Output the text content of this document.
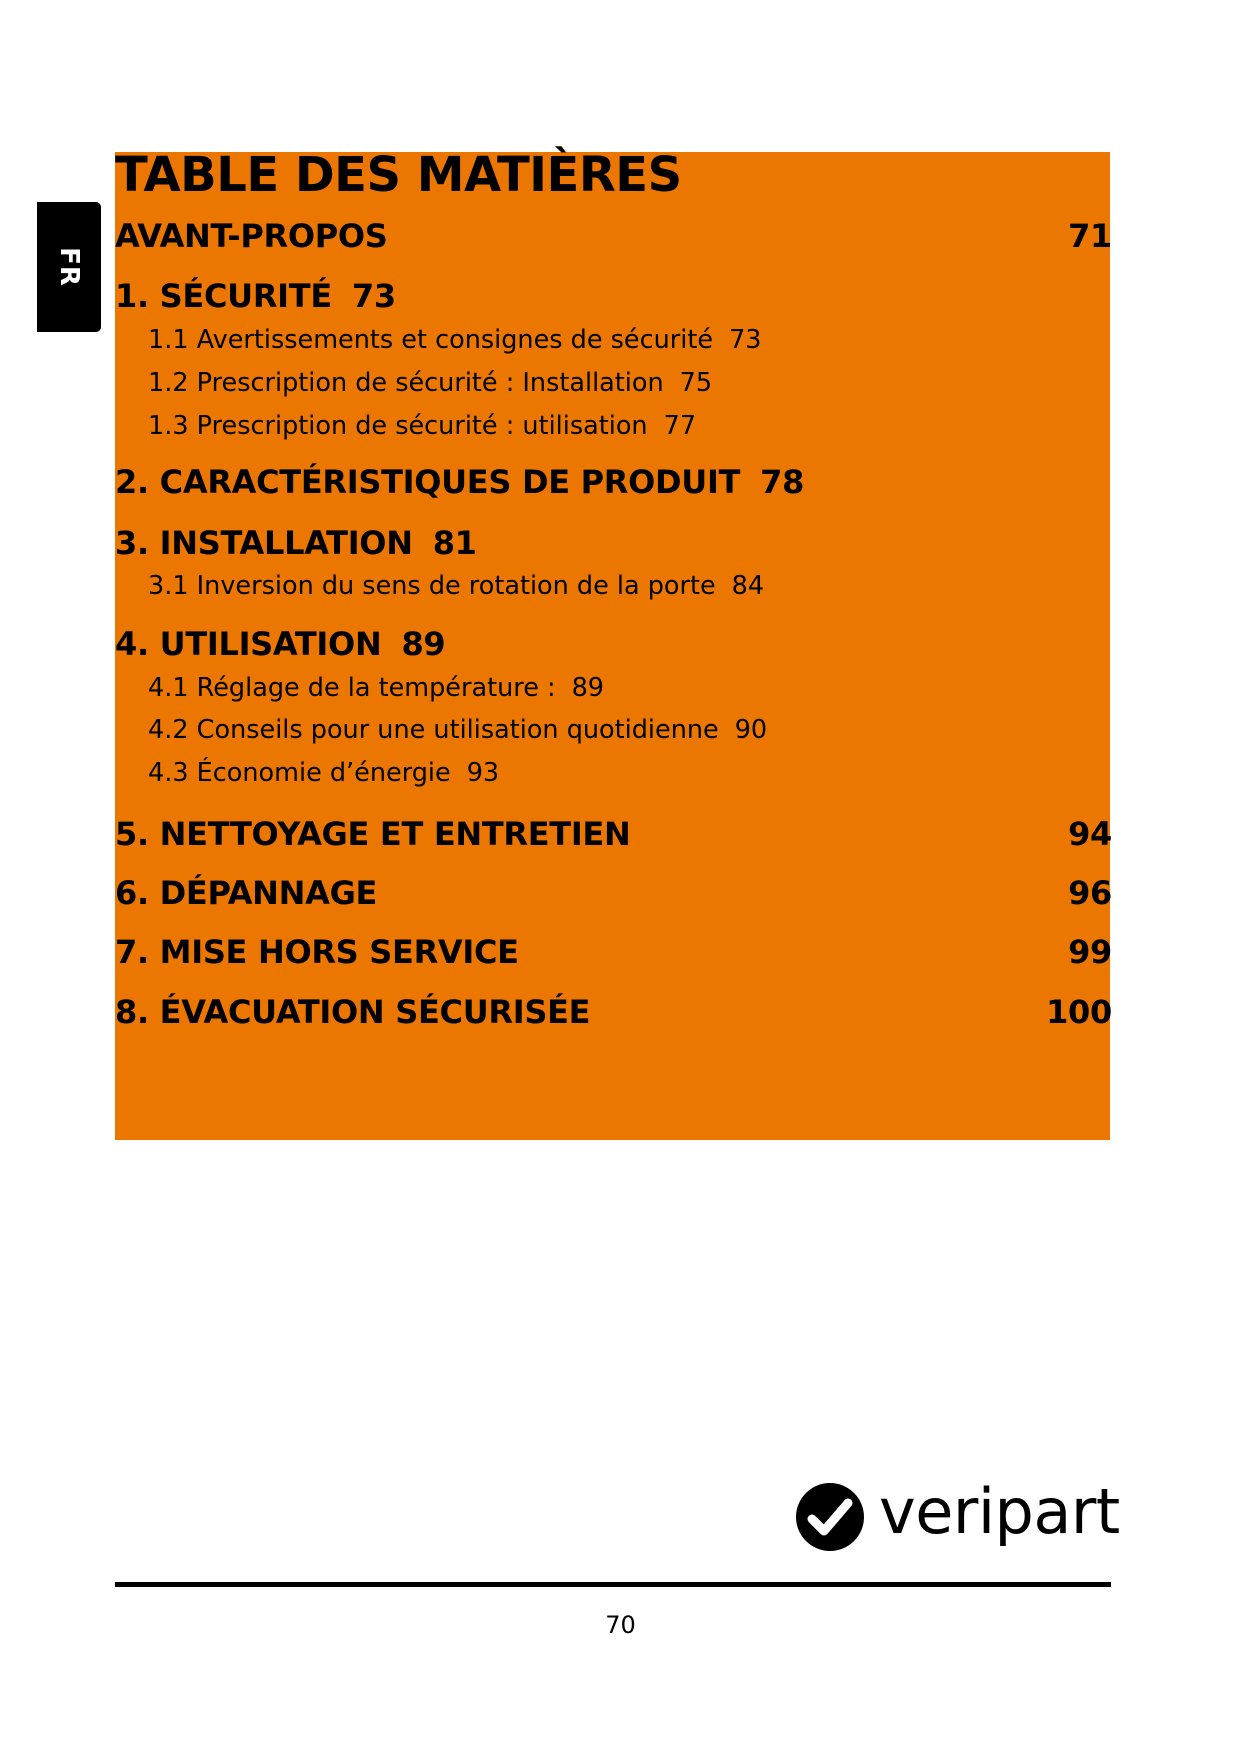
FR
TABLE DES MATIÈRES
AVANT-PROPOS	71
1. SÉCURITÉ 73
1.1 Avertissements et consignes de sécurité 73
1.2 Prescription de sécurité : Installation 75
1.3 Prescription de sécurité : utilisation 77
2. CARACTÉRISTIQUES DE PRODUIT 78
3. INSTALLATION 81
3.1 Inversion du sens de rotation de la porte 84
4. UTILISATION 89
4.1 Réglage de la température : 89
4.2 Conseils pour une utilisation quotidienne 90
4.3 Économie d’énergie 93
5. NETTOYAGE ET ENTRETIEN	94
6. DÉPANNAGE	96
7. MISE HORS SERVICE	99
8. ÉVACUATION SÉCURISÉE	100
veripart
70
